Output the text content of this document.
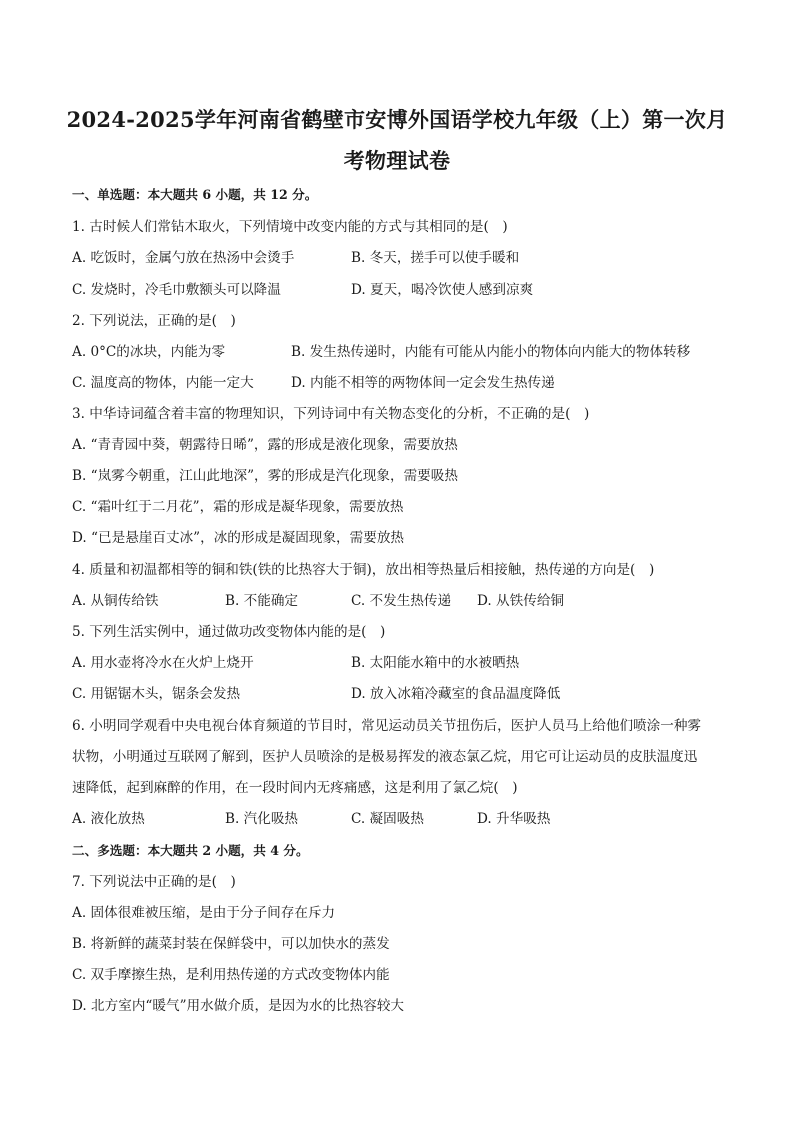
2024-2025学年河南省鹤壁市安博外国语学校九年级（上）第一次月
考物理试卷
一、单选题：本大题共 6 小题，共 12 分。
1. 古时候人们常钻木取火，下列情境中改变内能的方式与其相同的是(　)
A. 吃饭时，金属勺放在热汤中会烫手	B. 冬天，搓手可以使手暖和
C. 发烧时，冷毛巾敷额头可以降温	D. 夏天，喝冷饮使人感到凉爽
2. 下列说法，正确的是(　)
A. 0°C的冰块，内能为零	B. 发生热传递时，内能有可能从内能小的物体向内能大的物体转移
C. 温度高的物体，内能一定大	D. 内能不相等的两物体间一定会发生热传递
3. 中华诗词蕴含着丰富的物理知识，下列诗词中有关物态变化的分析，不正确的是(　)
A. “青青园中葵，朝露待日晞”，露的形成是液化现象，需要放热
B. “岚雾今朝重，江山此地深”，雾的形成是汽化现象，需要吸热
C. “霜叶红于二月花”，霜的形成是凝华现象，需要放热
D. “已是悬崖百丈冰”，冰的形成是凝固现象，需要放热
4. 质量和初温都相等的铜和铁(铁的比热容大于铜)，放出相等热量后相接触，热传递的方向是(　)
A. 从铜传给铁	B. 不能确定	C. 不发生热传递 D. 从铁传给铜
5. 下列生活实例中，通过做功改变物体内能的是(　)
A. 用水壶将冷水在火炉上烧开	B. 太阳能水箱中的水被晒热
C. 用锯锯木头，锯条会发热	D. 放入冰箱冷藏室的食品温度降低
6. 小明同学观看中央电视台体育频道的节目时，常见运动员关节扭伤后，医护人员马上给他们喷涂一种雾
状物，小明通过互联网了解到，医护人员喷涂的是极易挥发的液态氯乙烷，用它可让运动员的皮肤温度迅
速降低，起到麻醉的作用，在一段时间内无疼痛感，这是利用了氯乙烷(　)
A. 液化放热	B. 汽化吸热	C. 凝固吸热	D. 升华吸热
二、多选题：本大题共 2 小题，共 4 分。
7. 下列说法中正确的是(　)
A. 固体很难被压缩，是由于分子间存在斥力
B. 将新鲜的蔬菜封装在保鲜袋中，可以加快水的蒸发
C. 双手摩擦生热，是利用热传递的方式改变物体内能
D. 北方室内“暖气”用水做介质，是因为水的比热容较大
